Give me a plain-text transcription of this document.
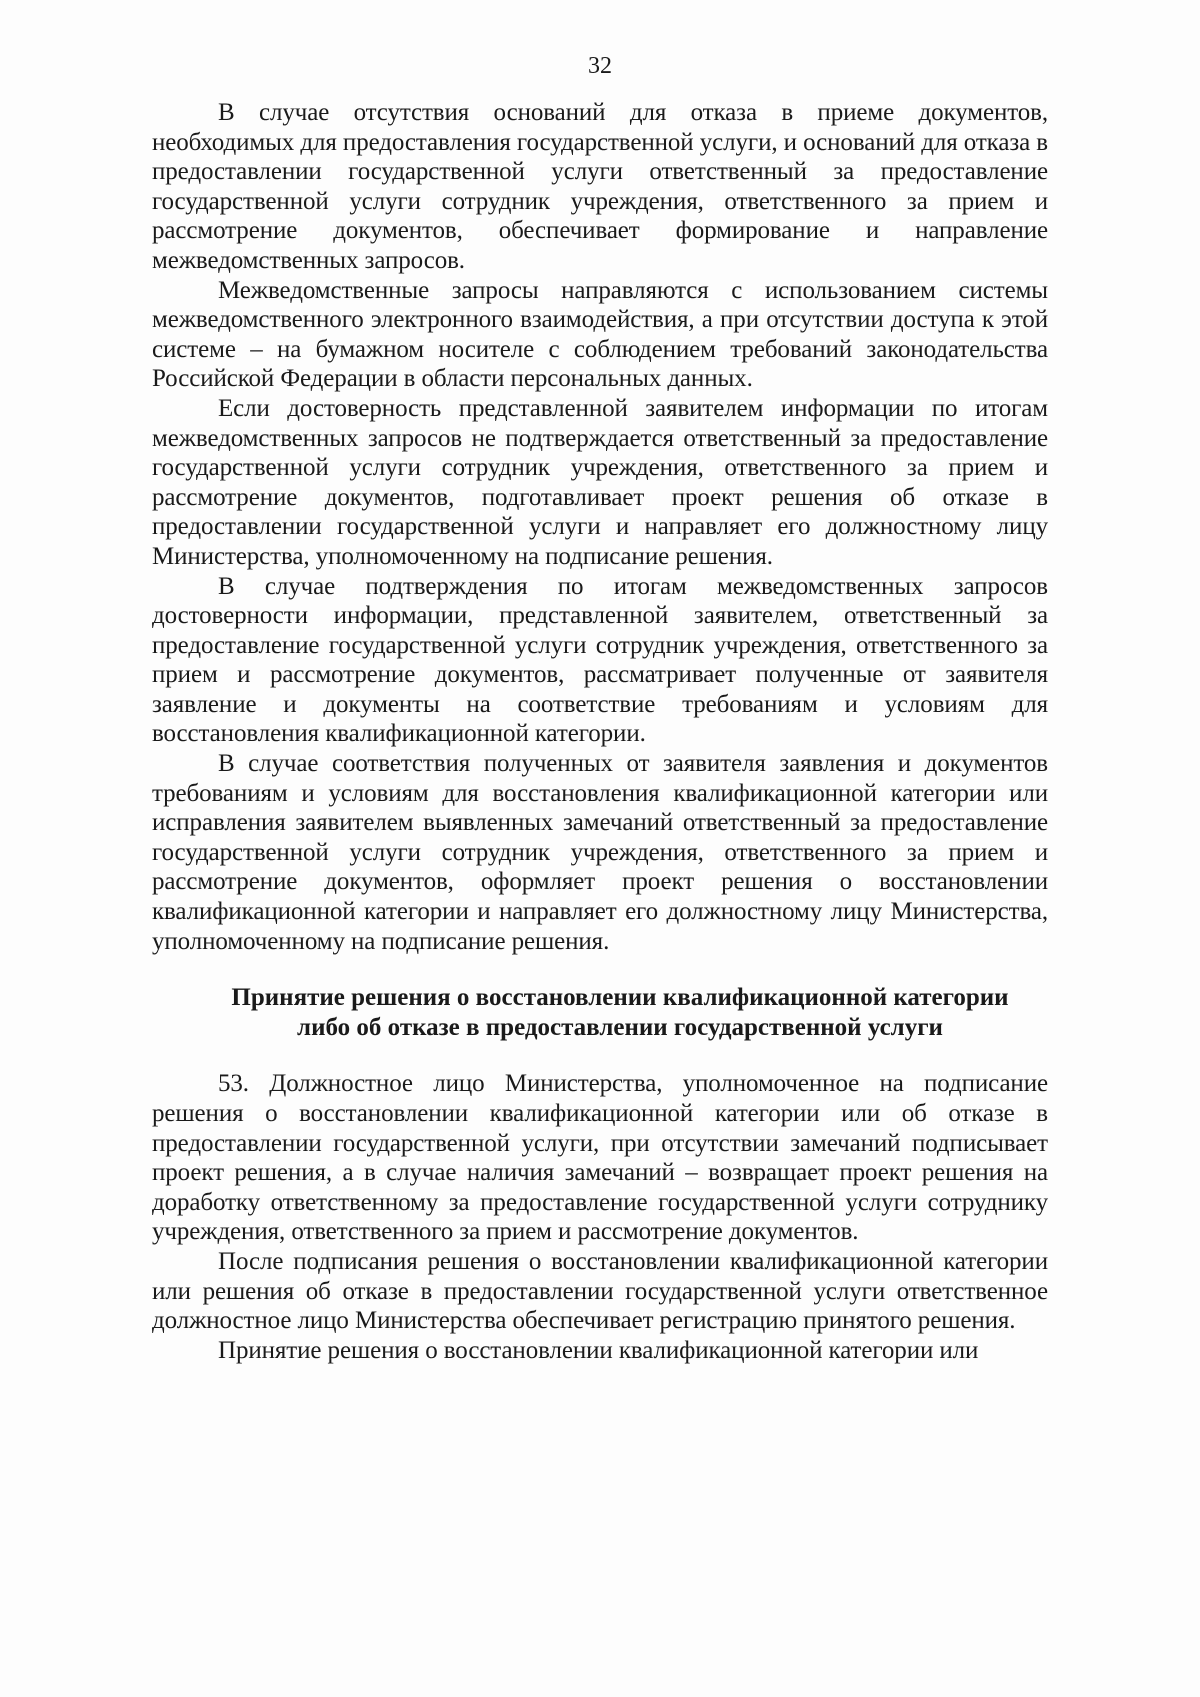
32

В случае отсутствия оснований для отказа в приеме документов, необходимых для предоставления государственной услуги, и оснований для отказа в предоставлении государственной услуги ответственный за предоставление государственной услуги сотрудник учреждения, ответственного за прием и рассмотрение документов, обеспечивает формирование и направление межведомственных запросов.

Межведомственные запросы направляются с использованием системы межведомственного электронного взаимодействия, а при отсутствии доступа к этой системе – на бумажном носителе с соблюдением требований законодательства Российской Федерации в области персональных данных.

Если достоверность представленной заявителем информации по итогам межведомственных запросов не подтверждается ответственный за предоставление государственной услуги сотрудник учреждения, ответственного за прием и рассмотрение документов, подготавливает проект решения об отказе в предоставлении государственной услуги и направляет его должностному лицу Министерства, уполномоченному на подписание решения.

В случае подтверждения по итогам межведомственных запросов достоверности информации, представленной заявителем, ответственный за предоставление государственной услуги сотрудник учреждения, ответственного за прием и рассмотрение документов, рассматривает полученные от заявителя заявление и документы на соответствие требованиям и условиям для восстановления квалификационной категории.

В случае соответствия полученных от заявителя заявления и документов требованиям и условиям для восстановления квалификационной категории или исправления заявителем выявленных замечаний ответственный за предоставление государственной услуги сотрудник учреждения, ответственного за прием и рассмотрение документов, оформляет проект решения о восстановлении квалификационной категории и направляет его должностному лицу Министерства, уполномоченному на подписание решения.

Принятие решения о восстановлении квалификационной категории
либо об отказе в предоставлении государственной услуги

53. Должностное лицо Министерства, уполномоченное на подписание решения о восстановлении квалификационной категории или об отказе в предоставлении государственной услуги, при отсутствии замечаний подписывает проект решения, а в случае наличия замечаний – возвращает проект решения на доработку ответственному за предоставление государственной услуги сотруднику учреждения, ответственного за прием и рассмотрение документов.

После подписания решения о восстановлении квалификационной категории или решения об отказе в предоставлении государственной услуги ответственное должностное лицо Министерства обеспечивает регистрацию принятого решения.

Принятие решения о восстановлении квалификационной категории или
